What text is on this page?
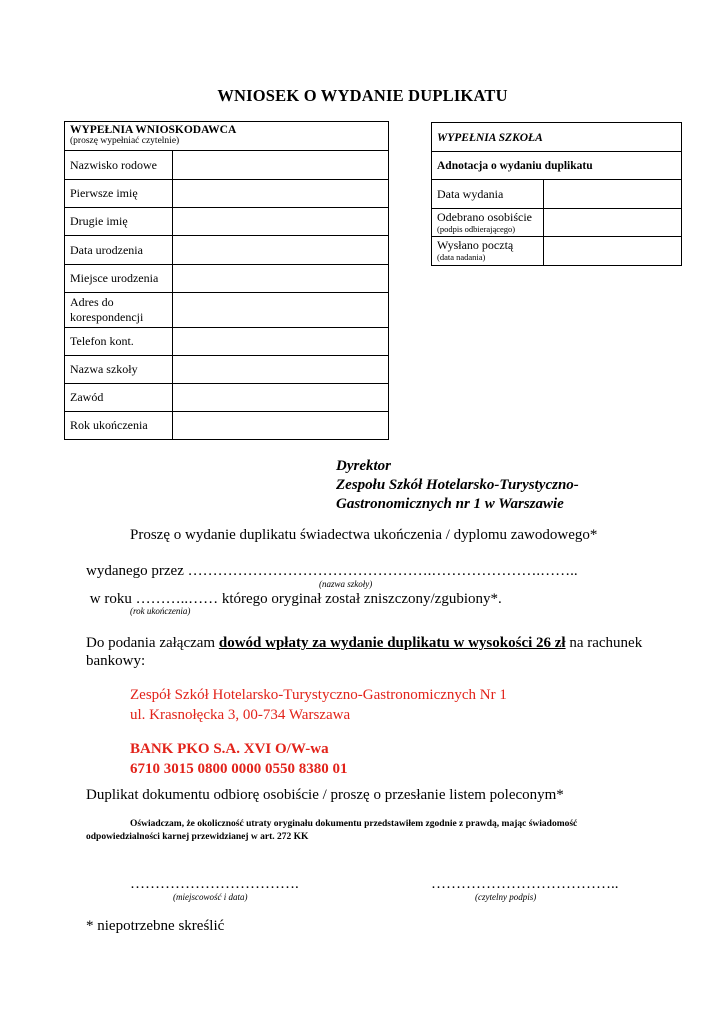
WNIOSEK O WYDANIE DUPLIKATU
WYPEŁNIA WNIOSKODAWCA
(proszę wypełniać czytelnie)	

Nazwisko rodowe	
Pierwsze imię	
Drugie imię	
Data urodzenia	
Miejsce urodzenia	
Adres do korespondencji	
Telefon kont.	
Nazwa szkoły	
Zawód	
Rok ukończenia	
WYPEŁNIA SZKOŁA	
Adnotacja o wydaniu duplikatu	
Data wydania	

Odebrano osobiście
(podpis odbierającego)	

Wysłano pocztą
(data nadania)	

Dyrektor
Zespołu Szkół Hotelarsko-Turystyczno-
Gastronomicznych nr 1 w Warszawie
Proszę o wydanie duplikatu świadectwa ukończenia / dyplomu zawodowego*
wydanego przez ………………………………………….………………….……..
(nazwa szkoły)
w roku ………..…… którego oryginał został zniszczony/zgubiony*.
(rok ukończenia)
Do podania załączam dowód wpłaty za wydanie duplikatu w wysokości 26 zł na rachunek
bankowy:
Zespół Szkół Hotelarsko-Turystyczno-Gastronomicznych Nr 1
ul. Krasnołęcka 3, 00-734 Warszawa
BANK PKO S.A. XVI O/W-wa
6710 3015 0800 0000 0550 8380 01
Duplikat dokumentu odbiorę osobiście / proszę o przesłanie listem poleconym*
Oświadczam, że okoliczność utraty oryginału dokumentu przedstawiłem zgodnie z prawdą, mając świadomość
odpowiedzialności karnej przewidzianej w art. 272 KK
…………………………….
(miejscowość i data)
………………………………..
(czytelny podpis)
* niepotrzebne skreślić
